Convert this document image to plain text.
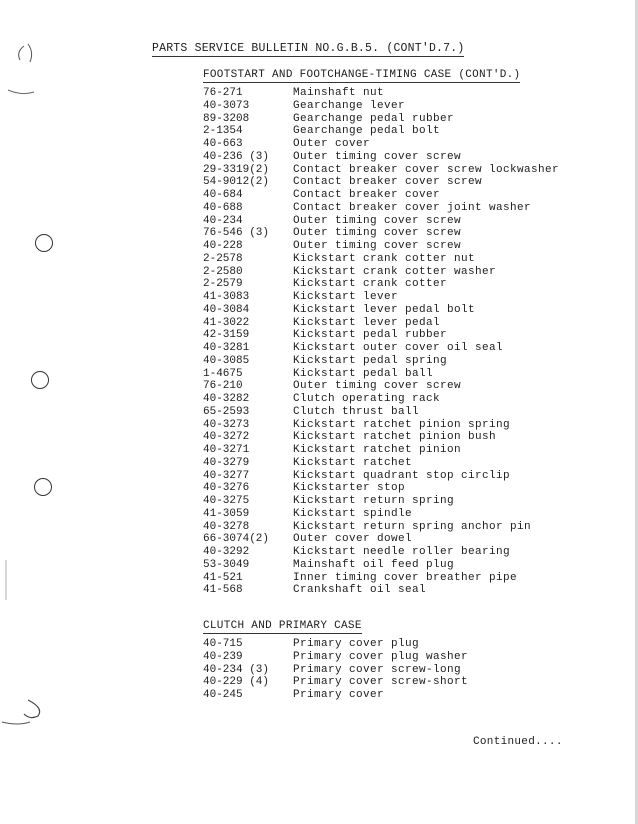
PARTS SERVICE BULLETIN NO.G.B.5. (CONT'D.7.)
FOOTSTART AND FOOTCHANGE-TIMING CASE (CONT'D.)
76-271	Mainshaft nut
40-3073	Gearchange lever
89-3208	Gearchange pedal rubber
2-1354	Gearchange pedal bolt
40-663	Outer cover
40-236 (3) Outer timing cover screw
29-3319(2) Contact breaker cover screw lockwasher
54-9012(2) Contact breaker cover screw
40-684	Contact breaker cover
40-688	Contact breaker cover joint washer
40-234	Outer timing cover screw
76-546 (3) Outer timing cover screw
40-228	Outer timing cover screw
2-2578	Kickstart crank cotter nut
2-2580	Kickstart crank cotter washer
2-2579	Kickstart crank cotter
41-3083	Kickstart lever
40-3084	Kickstart lever pedal bolt
41-3022	Kickstart lever pedal
42-3159	Kickstart pedal rubber
40-3281	Kickstart outer cover oil seal
40-3085	Kickstart pedal spring
1-4675	Kickstart pedal ball
76-210	Outer timing cover screw
40-3282	Clutch operating rack
65-2593	Clutch thrust ball
40-3273	Kickstart ratchet pinion spring
40-3272	Kickstart ratchet pinion bush
40-3271	Kickstart ratchet pinion
40-3279	Kickstart ratchet
40-3277	Kickstart quadrant stop circlip
40-3276	Kickstarter stop
40-3275	Kickstart return spring
41-3059	Kickstart spindle
40-3278	Kickstart return spring anchor pin
66-3074(2) Outer cover dowel
40-3292	Kickstart needle roller bearing
53-3049	Mainshaft oil feed plug
41-521	Inner timing cover breather pipe
41-568	Crankshaft oil seal
CLUTCH AND PRIMARY CASE
40-715	Primary cover plug
40-239	Primary cover plug washer
40-234 (3) Primary cover screw-long
40-229 (4) Primary cover screw-short
40-245	Primary cover
Continued....
